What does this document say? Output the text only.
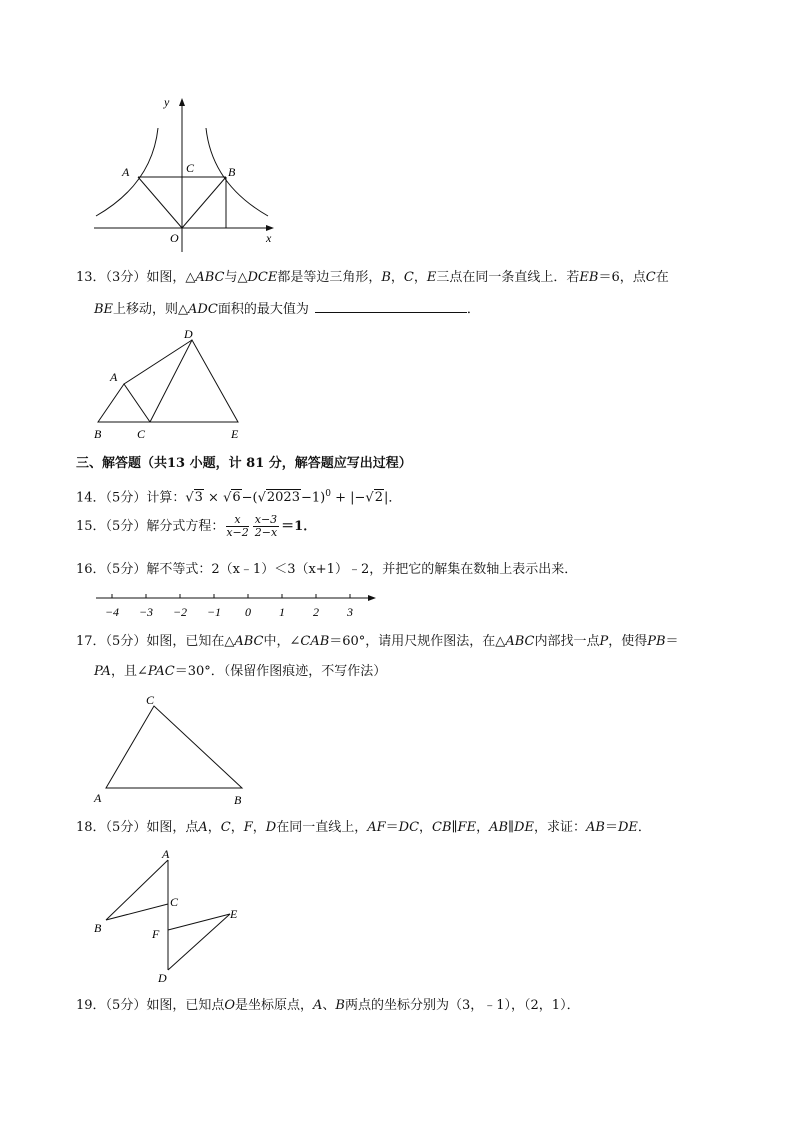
y
x
O
A	B
C
13．（3分）如图，△ABC与△DCE都是等边三角形，B，C，E三点在同一条直线上．若EB＝6，点C在
BE上移动，则△ADC面积的最大值为	．
A
B	C
D
E
三、解答题（共13 小题，计 81 分，解答题应写出过程）
14．（5分）计算：$√3 \times √6-(√2023-1)^0 + |-√2|$．
15．（5分）解分式方程： $\frac{x}{x-2} \frac{x-3}{2-x} =1$．
16．（5分）解不等式：2（x﹣1）＜3（x+1）﹣2，并把它的解集在数轴上表示出来．
−4 −3 −2 −1 0 1 2 3
17．（5分）如图，已知在△ABC中，∠CAB＝60°，请用尺规作图法，在△ABC内部找一点P，使得PB＝
PA，且∠PAC＝30°．（保留作图痕迹，不写作法）
A	B
C
18．（5分）如图，点A，C，F，D在同一直线上，AF＝DC，CB∥FE，AB∥DE，求证：AB＝DE．
A
B
C
D
E
F
19．（5分）如图，已知点O是坐标原点，A、B两点的坐标分别为（3，﹣1），（2，1）．
